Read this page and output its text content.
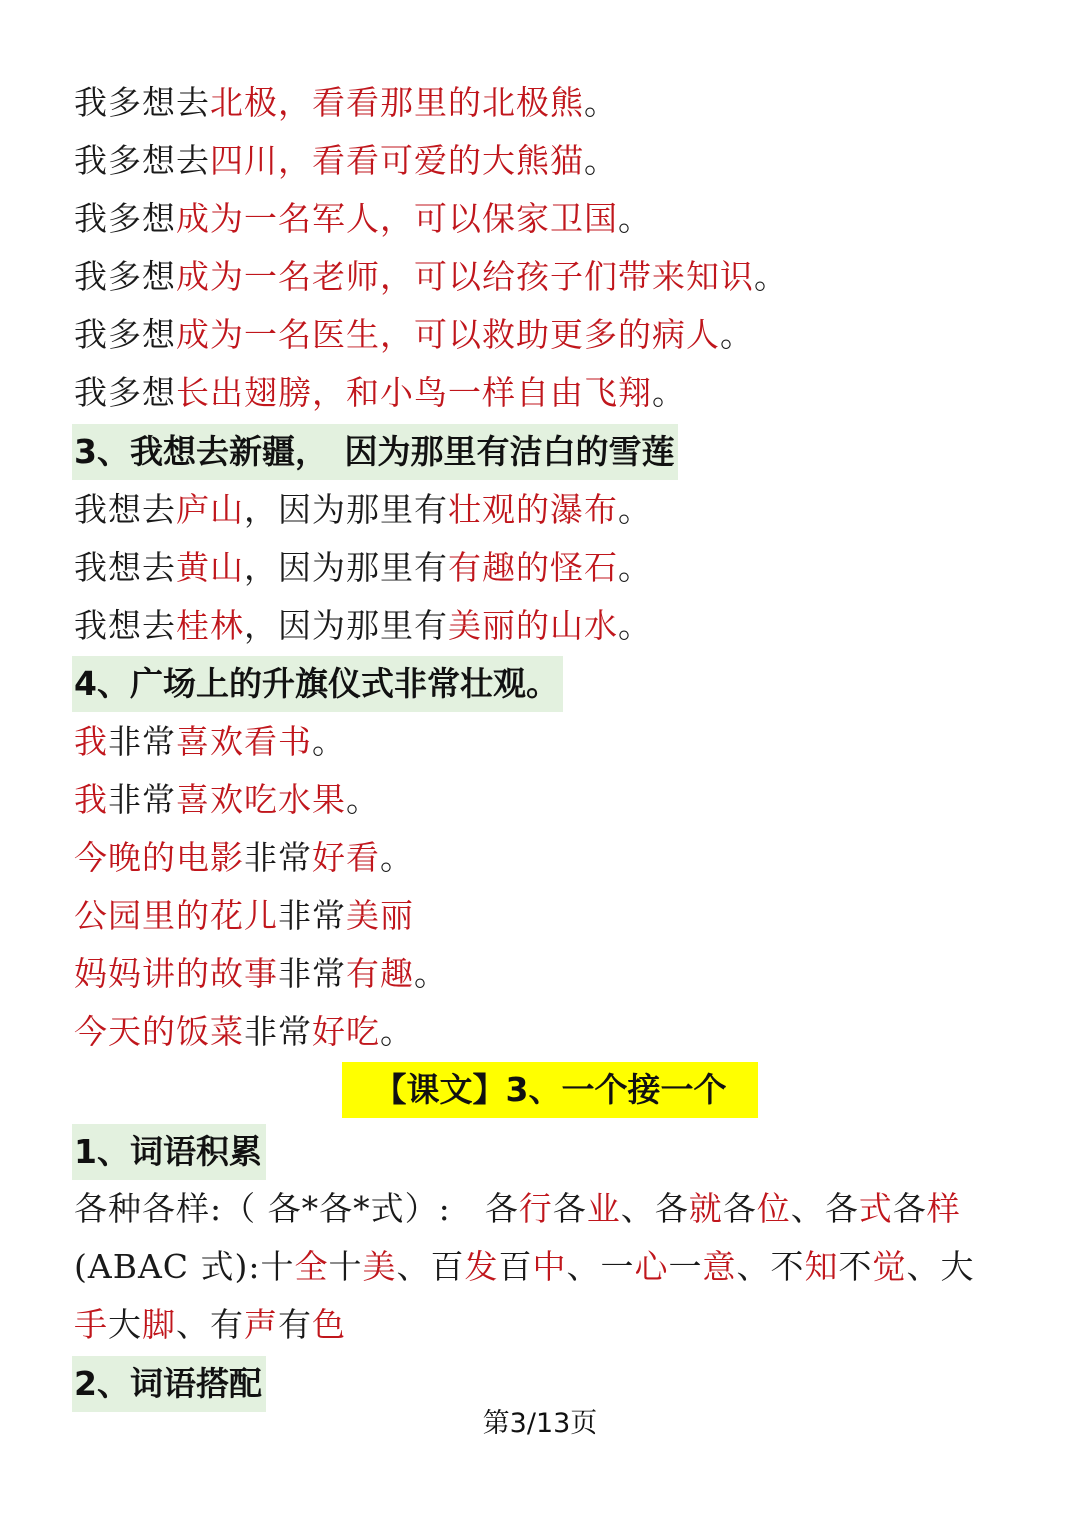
我多想去北极，看看那里的北极熊。
我多想去四川，看看可爱的大熊猫。
我多想成为一名军人，可以保家卫国。
我多想成为一名老师，可以给孩子们带来知识。
我多想成为一名医生，可以救助更多的病人。
我多想长出翅膀，和小鸟一样自由飞翔。
3、我想去新疆，　因为那里有洁白的雪莲
我想去庐山，因为那里有壮观的瀑布。
我想去黄山，因为那里有有趣的怪石。
我想去桂林，因为那里有美丽的山水。
4、广场上的升旗仪式非常壮观。
我非常喜欢看书。
我非常喜欢吃水果。
今晚的电影非常好看。
公园里的花儿非常美丽
妈妈讲的故事非常有趣。
今天的饭菜非常好吃。
【课文】3、一个接一个
1、词语积累
各种各样:（ 各*各*式）:　各行各业、各就各位、各式各样
(ABAC 式):十全十美、百发百中、一心一意、不知不觉、大
手大脚、有声有色
2、词语搭配
第3/13页
